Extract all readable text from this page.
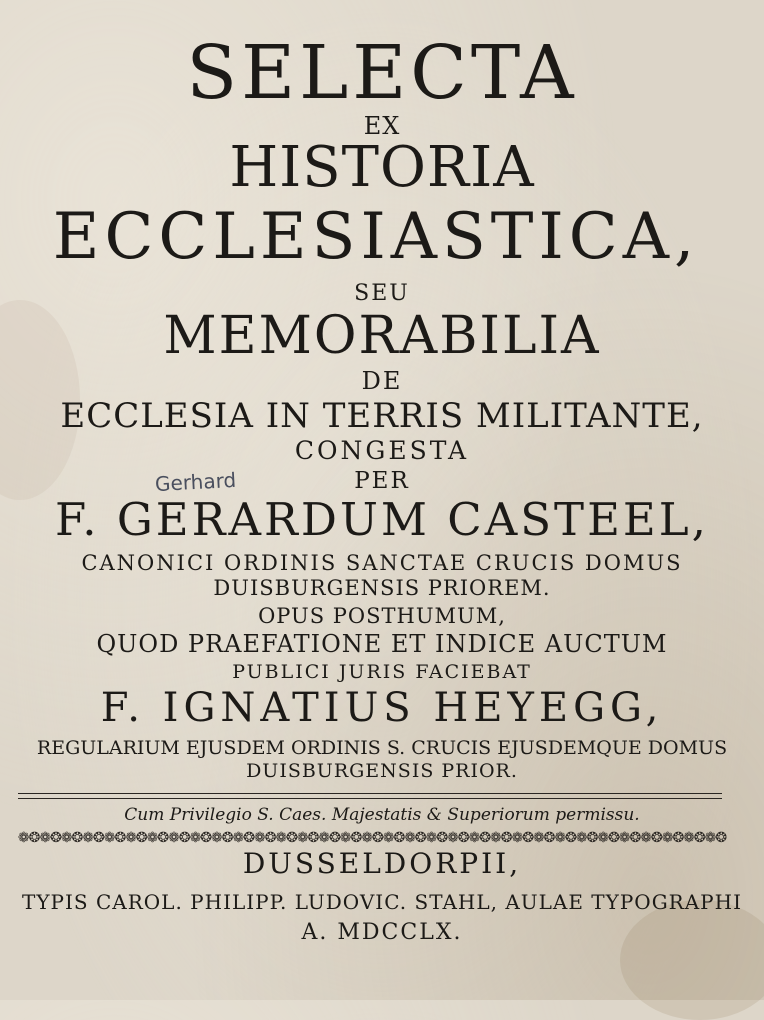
SELECTA

EX

HISTORIA

ECCLESIASTICA,

SEU

MEMORABILIA

DE

ECCLESIA IN TERRIS MILITANTE,

CONGESTA

PER

Gerhard

F. GERARDUM CASTEEL,

CANONICI ORDINIS SANCTAE CRUCIS DOMUS

DUISBURGENSIS PRIOREM.

OPUS POSTHUMUM,

QUOD PRAEFATIONE ET INDICE AUCTUM

PUBLICI JURIS FACIEBAT

F. IGNATIUS HEYEGG,

REGULARIUM EJUSDEM ORDINIS S. CRUCIS EJUSDEMQUE DOMUS

DUISBURGENSIS PRIOR.

Cum Privilegio S. Caes. Majestatis & Superiorum permissu.

❁❂❁❂❁❂❁❂❁❂❁❂❁❂❁❂❁❂❁❂❁❂❁❂❁❂❁❂❁❂❁❂❁❂❁❂❁❂❁❂❁❂❁❂❁❂❁❂❁❂❁❂❁❂❁❂❁❂❁❂❁❂❁❂❁❂

DUSSELDORPII,

TYPIS CAROL. PHILIPP. LUDOVIC. STAHL, AULAE TYPOGRAPHI

A. MDCCLX.
